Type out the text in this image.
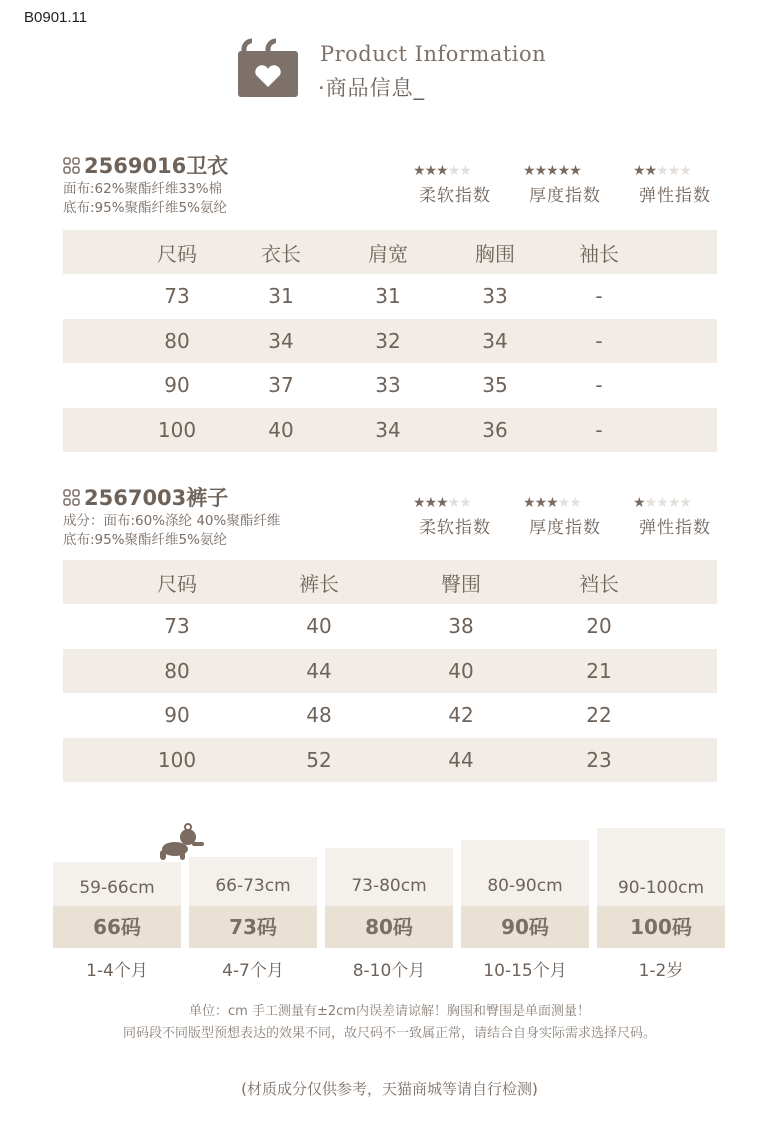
B0901.11
Product Information
·商品信息_
2569016卫衣
面布:62%聚酯纤维33%棉
底布:95%聚酯纤维5%氨纶
★★★★★
柔软指数
★★★★★
厚度指数
★★★★★
弹性指数
尺码	衣长	肩宽	胸围	袖长
73	31	31	33	-
80	34	32	34	-
90	37	33	35	-
100	40	34	36	-
2567003裤子
成分：面布:60%涤纶 40%聚酯纤维
底布:95%聚酯纤维5%氨纶
★★★★★
柔软指数
★★★★★
厚度指数
★★★★★
弹性指数
尺码	裤长	臀围	裆长
73	40	38	20
80	44	40	21
90	48	42	22
100	52	44	23
59-66cm	66-73cm	73-80cm	80-90cm	90-100cm
66码	73码	80码	90码	100码
1-4个月	4-7个月	8-10个月	10-15个月	1-2岁
单位：cm 手工测量有±2cm内误差请谅解！胸围和臀围是单面测量！
同码段不同版型预想表达的效果不同，故尺码不一致属正常，请结合自身实际需求选择尺码。
(材质成分仅供参考，天猫商城等请自行检测)
